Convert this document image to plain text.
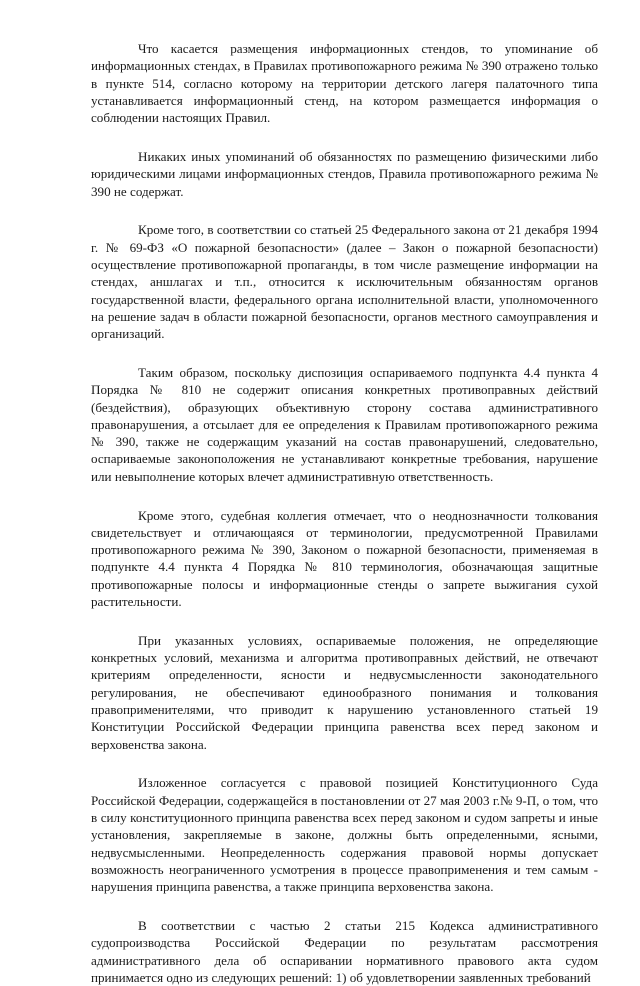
Что касается размещения информационных стендов, то упоминание об информационных стендах, в Правилах противопожарного режима № 390 отражено только в пункте 514, согласно которому на территории детского лагеря палаточного типа устанавливается информационный стенд, на котором размещается информация о соблюдении настоящих Правил.

Никаких иных упоминаний об обязанностях по размещению физическими либо юридическими лицами информационных стендов, Правила противопожарного режима № 390 не содержат.

Кроме того, в соответствии со статьей 25 Федерального закона от 21 декабря 1994 г. № 69-ФЗ «О пожарной безопасности» (далее – Закон о пожарной безопасности) осуществление противопожарной пропаганды, в том числе размещение информации на стендах, аншлагах и т.п., относится к исключительным обязанностям органов государственной власти, федерального органа исполнительной власти, уполномоченного на решение задач в области пожарной безопасности, органов местного самоуправления и организаций.

Таким образом, поскольку диспозиция оспариваемого подпункта 4.4 пункта 4 Порядка № 810 не содержит описания конкретных противоправных действий (бездействия), образующих объективную сторону состава административного правонарушения, а отсылает для ее определения к Правилам противопожарного режима № 390, также не содержащим указаний на состав правонарушений, следовательно, оспариваемые законоположения не устанавливают конкретные требования, нарушение или невыполнение которых влечет административную ответственность.

Кроме этого, судебная коллегия отмечает, что о неоднозначности толкования свидетельствует и отличающаяся от терминологии, предусмотренной Правилами противопожарного режима № 390, Законом о пожарной безопасности, применяемая в подпункте 4.4 пункта 4 Порядка № 810 терминология, обозначающая защитные противопожарные полосы и информационные стенды о запрете выжигания сухой растительности.

При указанных условиях, оспариваемые положения, не определяющие конкретных условий, механизма и алгоритма противоправных действий, не отвечают критериям определенности, ясности и недвусмысленности законодательного регулирования, не обеспечивают единообразного понимания и толкования правоприменителями, что приводит к нарушению установленного статьей 19 Конституции Российской Федерации принципа равенства всех перед законом и верховенства закона.

Изложенное согласуется с правовой позицией Конституционного Суда Российской Федерации, содержащейся в постановлении от 27 мая 2003 г.№ 9-П, о том, что в силу конституционного принципа равенства всех перед законом и судом запреты и иные установления, закрепляемые в законе, должны быть определенными, ясными, недвусмысленными. Неопределенность содержания правовой нормы допускает возможность неограниченного усмотрения в процессе правоприменения и тем самым - нарушения принципа равенства, а также принципа верховенства закона.

В соответствии с частью 2 статьи 215 Кодекса административного судопроизводства Российской Федерации по результатам рассмотрения административного дела об оспаривании нормативного правового акта судом принимается одно из следующих решений: 1) об удовлетворении заявленных требований
